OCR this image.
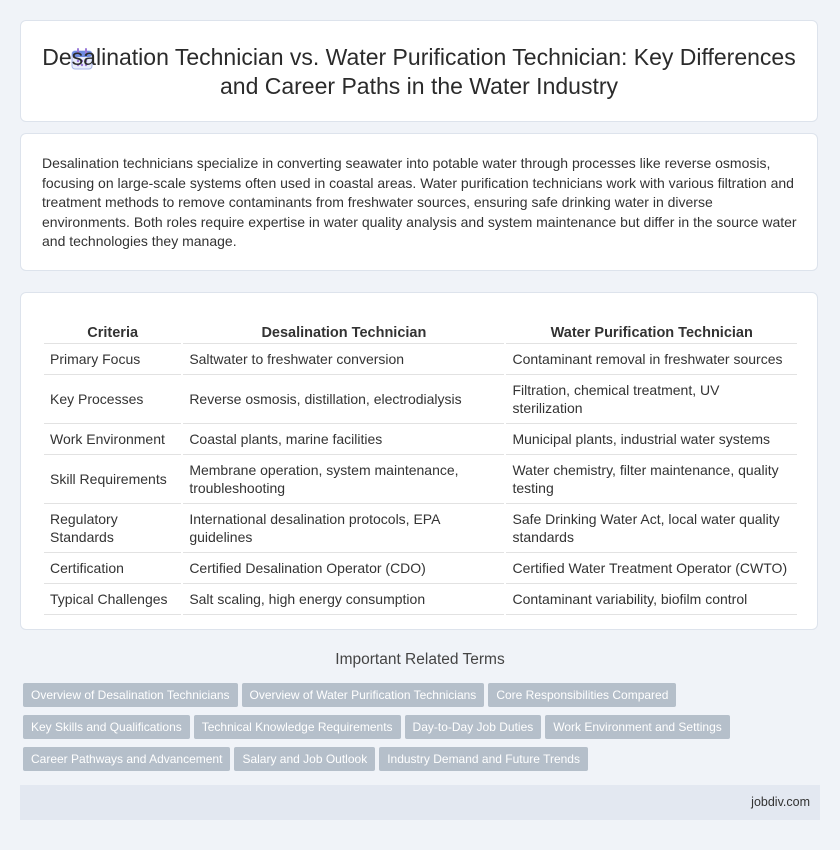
Desalination Technician vs. Water Purification Technician: Key Differences and Career Paths in the Water Industry
Desalination technicians specialize in converting seawater into potable water through processes like reverse osmosis, focusing on large-scale systems often used in coastal areas. Water purification technicians work with various filtration and treatment methods to remove contaminants from freshwater sources, ensuring safe drinking water in diverse environments. Both roles require expertise in water quality analysis and system maintenance but differ in the source water and technologies they manage.
Criteria	Desalination Technician	Water Purification Technician
Primary Focus	Saltwater to freshwater conversion	Contaminant removal in freshwater sources
Key Processes	Reverse osmosis, distillation, electrodialysis	Filtration, chemical treatment, UV sterilization
Work Environment	Coastal plants, marine facilities	Municipal plants, industrial water systems
Skill Requirements	Membrane operation, system maintenance, troubleshooting	Water chemistry, filter maintenance, quality testing
Regulatory Standards	International desalination protocols, EPA guidelines	Safe Drinking Water Act, local water quality standards
Certification	Certified Desalination Operator (CDO)	Certified Water Treatment Operator (CWTO)
Typical Challenges	Salt scaling, high energy consumption	Contaminant variability, biofilm control
Important Related Terms
Overview of Desalination Technicians Overview of Water Purification Technicians Core Responsibilities Compared
Key Skills and Qualifications Technical Knowledge Requirements Day-to-Day Job Duties Work Environment and Settings
Career Pathways and Advancement Salary and Job Outlook Industry Demand and Future Trends
jobdiv.com
